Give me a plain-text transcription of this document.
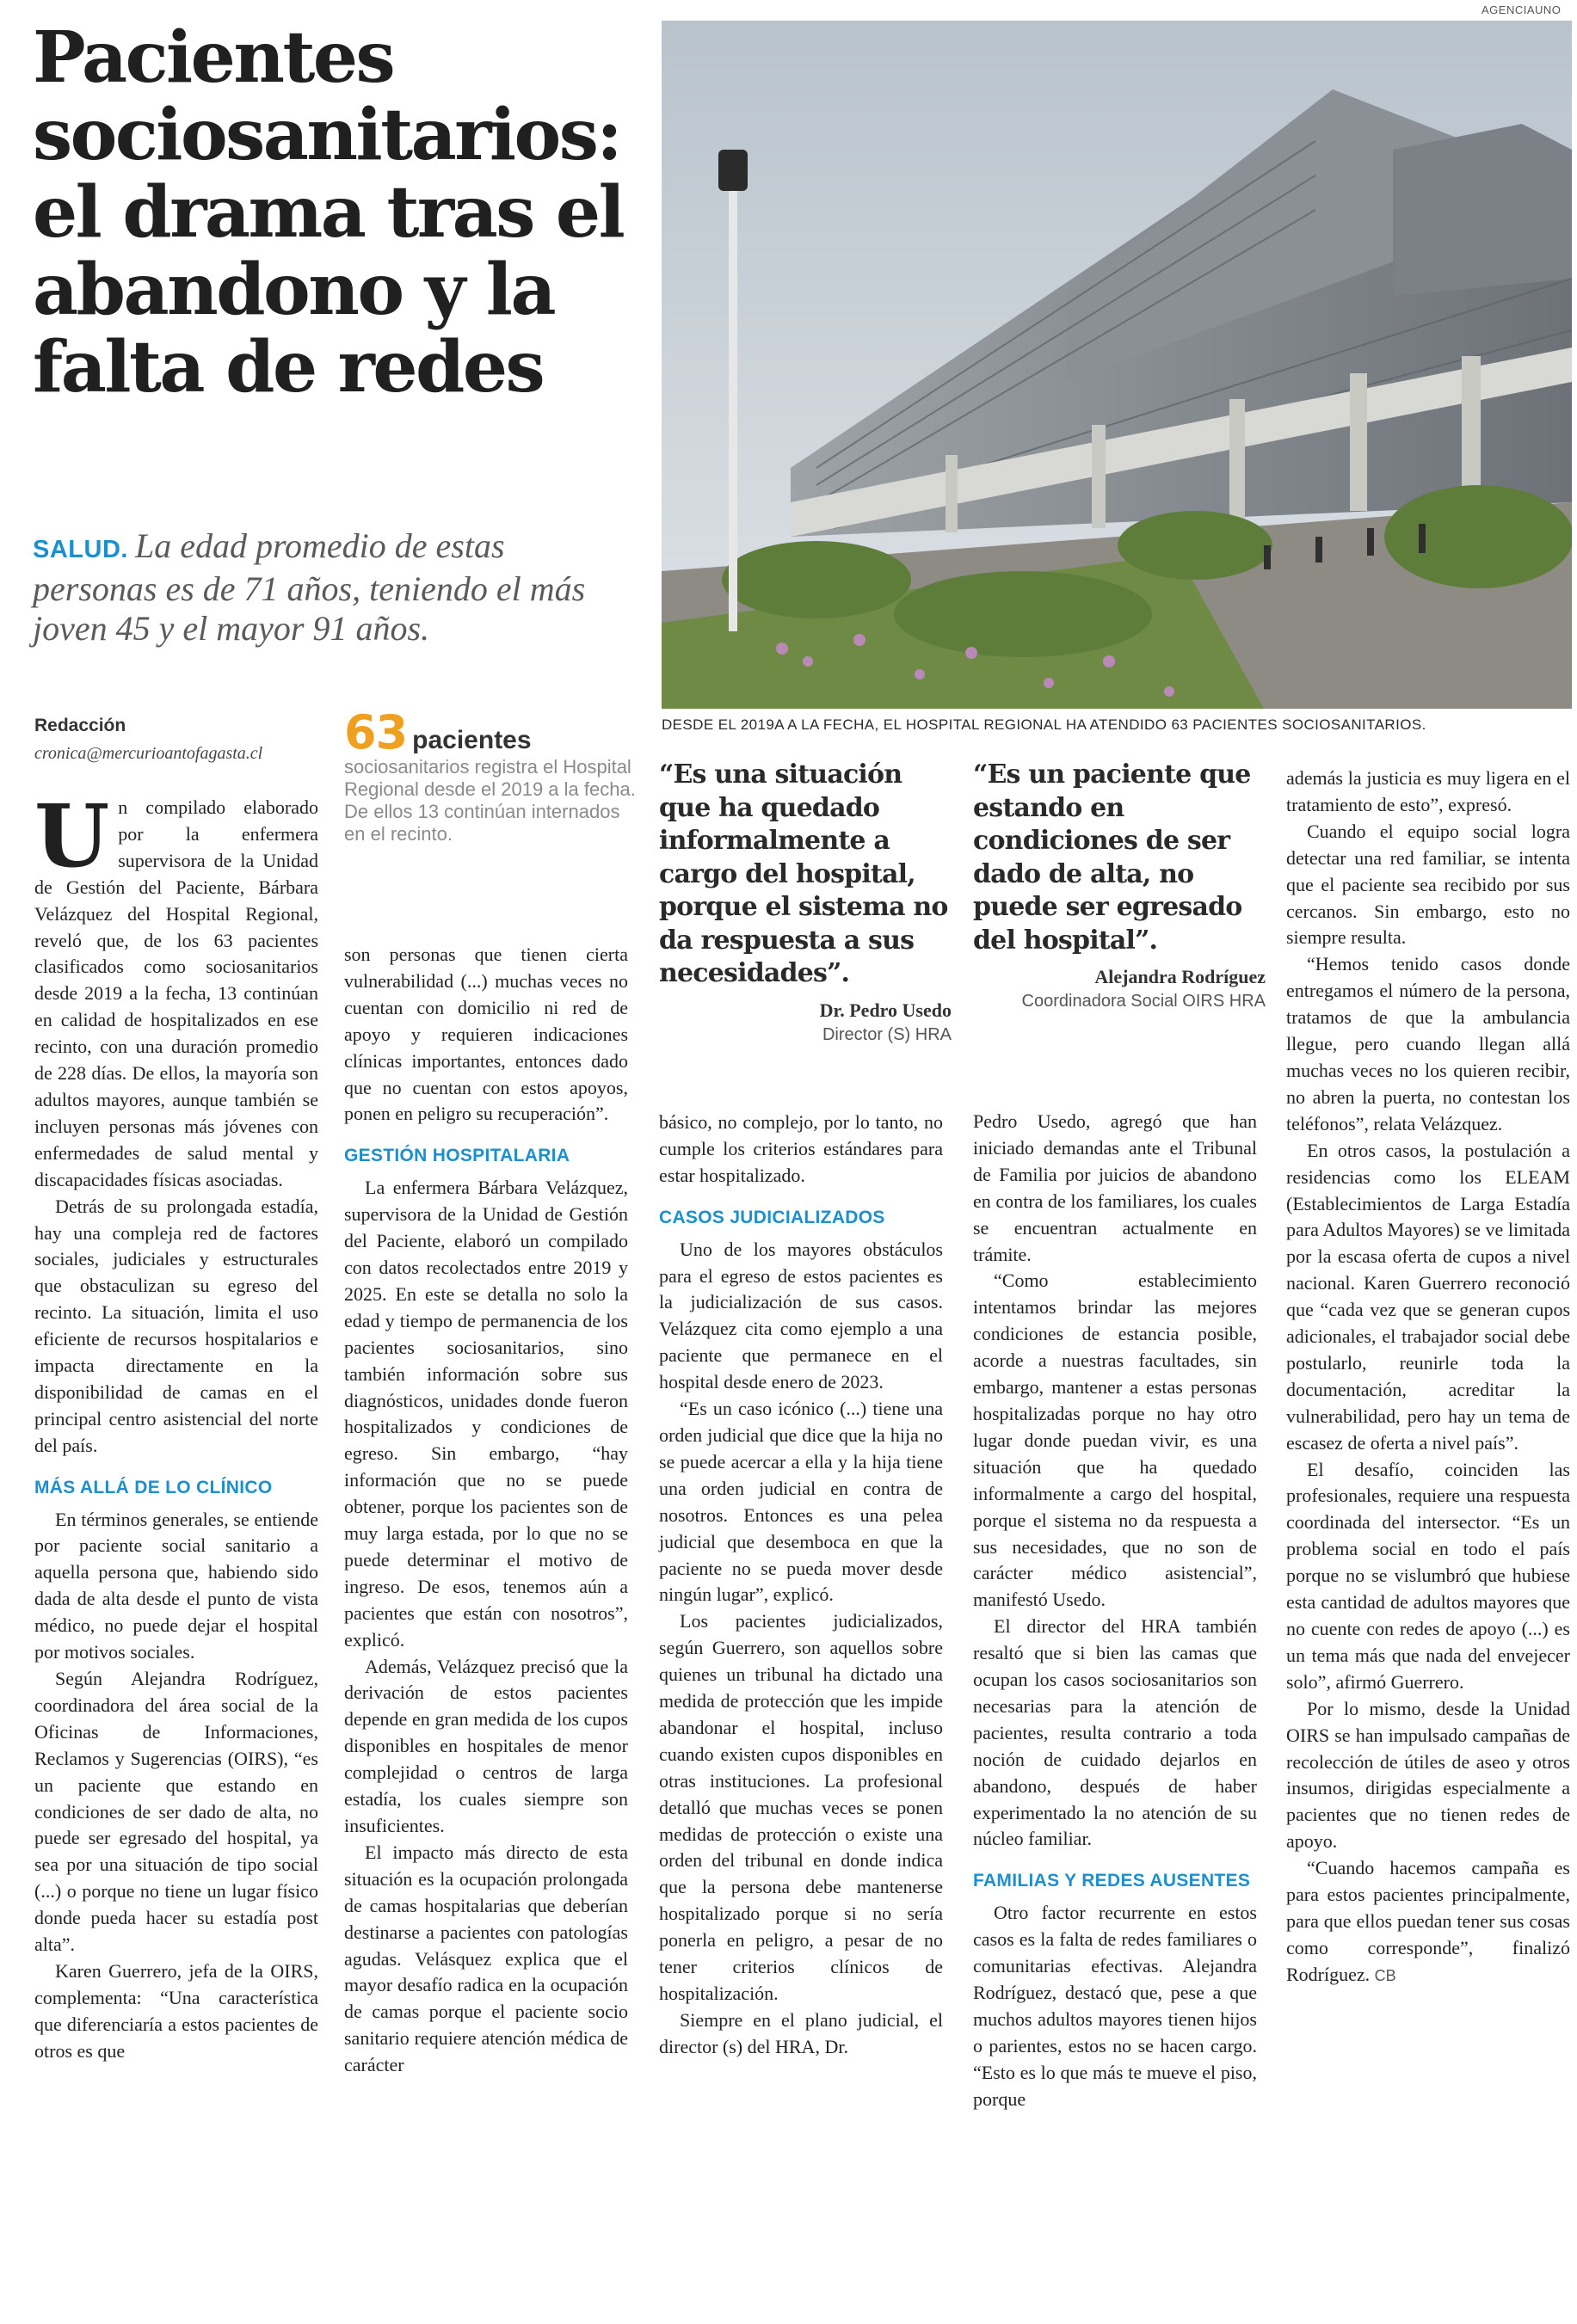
AGENCIAUNO
Pacientes sociosanitarios: el drama tras el abandono y la falta de redes

SALUD. La edad promedio de estas personas es de 71 años, teniendo el más joven 45 y el mayor 91 años.

DESDE EL 2019A A LA FECHA, EL HOSPITAL REGIONAL HA ATENDIDO 63 PACIENTES SOCIOSANITARIOS.
Redacción
cronica@mercurioantofagasta.cl	63 pacientes
sociosanitarios registra el Hospital Regional desde el 2019 a la fecha. De ellos 13 continúan internados en el recinto.
“Es una situación que ha quedado informalmente a cargo del hospital, porque el sistema no da respuesta a sus necesidades”.
Dr. Pedro Usedo
Director (S) HRA
“Es un paciente que estando en condiciones de ser dado de alta, no puede ser egresado del hospital”.
Alejandra Rodríguez
Coordinadora Social OIRS HRA

Un compilado elaborado por la enfermera supervisora de la Unidad de Gestión del Paciente, Bárbara Velázquez del Hospital Regional, reveló que, de los 63 pacientes clasificados como sociosanitarios desde 2019 a la fecha, 13 continúan en calidad de hospitalizados en ese recinto, con una duración promedio de 228 días. De ellos, la mayoría son adultos mayores, aunque también se incluyen personas más jóvenes con enfermedades de salud mental y discapacidades físicas asociadas.

Detrás de su prolongada estadía, hay una compleja red de factores sociales, judiciales y estructurales que obstaculizan su egreso del recinto. La situación, limita el uso eficiente de recursos hospitalarios e impacta directamente en la disponibilidad de camas en el principal centro asistencial del norte del país.

MÁS ALLÁ DE LO CLÍNICO

En términos generales, se entiende por paciente social sanitario a aquella persona que, habiendo sido dada de alta desde el punto de vista médico, no puede dejar el hospital por motivos sociales.

Según Alejandra Rodríguez, coordinadora del área social de la Oficinas de Informaciones, Reclamos y Sugerencias (OIRS), “es un paciente que estando en condiciones de ser dado de alta, no puede ser egresado del hospital, ya sea por una situación de tipo social (...) o porque no tiene un lugar físico donde pueda hacer su estadía post alta”.

Karen Guerrero, jefa de la OIRS, complementa: “Una característica que diferenciaría a estos pacientes de otros es que

son personas que tienen cierta vulnerabilidad (...) muchas veces no cuentan con domicilio ni red de apoyo y requieren indicaciones clínicas importantes, entonces dado que no cuentan con estos apoyos, ponen en peligro su recuperación”.

GESTIÓN HOSPITALARIA

La enfermera Bárbara Velázquez, supervisora de la Unidad de Gestión del Paciente, elaboró un compilado con datos recolectados entre 2019 y 2025. En este se detalla no solo la edad y tiempo de permanencia de los pacientes sociosanitarios, sino también información sobre sus diagnósticos, unidades donde fueron hospitalizados y condiciones de egreso. Sin embargo, “hay información que no se puede obtener, porque los pacientes son de muy larga estada, por lo que no se puede determinar el motivo de ingreso. De esos, tenemos aún a pacientes que están con nosotros”, explicó.

Además, Velázquez precisó que la derivación de estos pacientes depende en gran medida de los cupos disponibles en hospitales de menor complejidad o centros de larga estadía, los cuales siempre son insuficientes.

El impacto más directo de esta situación es la ocupación prolongada de camas hospitalarias que deberían destinarse a pacientes con patologías agudas. Velásquez explica que el mayor desafío radica en la ocupación de camas porque el paciente socio sanitario requiere atención médica de carácter

básico, no complejo, por lo tanto, no cumple los criterios estándares para estar hospitalizado.

CASOS JUDICIALIZADOS

Uno de los mayores obstáculos para el egreso de estos pacientes es la judicialización de sus casos. Velázquez cita como ejemplo a una paciente que permanece en el hospital desde enero de 2023.

“Es un caso icónico (...) tiene una orden judicial que dice que la hija no se puede acercar a ella y la hija tiene una orden judicial en contra de nosotros. Entonces es una pelea judicial que desemboca en que la paciente no se pueda mover desde ningún lugar”, explicó.

Los pacientes judicializados, según Guerrero, son aquellos sobre quienes un tribunal ha dictado una medida de protección que les impide abandonar el hospital, incluso cuando existen cupos disponibles en otras instituciones. La profesional detalló que muchas veces se ponen medidas de protección o existe una orden del tribunal en donde indica que la persona debe mantenerse hospitalizado porque si no sería ponerla en peligro, a pesar de no tener criterios clínicos de hospitalización.

Siempre en el plano judicial, el director (s) del HRA, Dr.

Pedro Usedo, agregó que han iniciado demandas ante el Tribunal de Familia por juicios de abandono en contra de los familiares, los cuales se encuentran actualmente en trámite.

“Como establecimiento intentamos brindar las mejores condiciones de estancia posible, acorde a nuestras facultades, sin embargo, mantener a estas personas hospitalizadas porque no hay otro lugar donde puedan vivir, es una situación que ha quedado informalmente a cargo del hospital, porque el sistema no da respuesta a sus necesidades, que no son de carácter médico asistencial”, manifestó Usedo.

El director del HRA también resaltó que si bien las camas que ocupan los casos sociosanitarios son necesarias para la atención de pacientes, resulta contrario a toda noción de cuidado dejarlos en abandono, después de haber experimentado la no atención de su núcleo familiar.

FAMILIAS Y REDES AUSENTES

Otro factor recurrente en estos casos es la falta de redes familiares o comunitarias efectivas. Alejandra Rodríguez, destacó que, pese a que muchos adultos mayores tienen hijos o parientes, estos no se hacen cargo. “Esto es lo que más te mueve el piso, porque

además la justicia es muy ligera en el tratamiento de esto”, expresó.

Cuando el equipo social logra detectar una red familiar, se intenta que el paciente sea recibido por sus cercanos. Sin embargo, esto no siempre resulta.

“Hemos tenido casos donde entregamos el número de la persona, tratamos de que la ambulancia llegue, pero cuando llegan allá muchas veces no los quieren recibir, no abren la puerta, no contestan los teléfonos”, relata Velázquez.

En otros casos, la postulación a residencias como los ELEAM (Establecimientos de Larga Estadía para Adultos Mayores) se ve limitada por la escasa oferta de cupos a nivel nacional. Karen Guerrero reconoció que “cada vez que se generan cupos adicionales, el trabajador social debe postularlo, reunirle toda la documentación, acreditar la vulnerabilidad, pero hay un tema de escasez de oferta a nivel país”.

El desafío, coinciden las profesionales, requiere una respuesta coordinada del intersector. “Es un problema social en todo el país porque no se vislumbró que hubiese esta cantidad de adultos mayores que no cuente con redes de apoyo (...) es un tema más que nada del envejecer solo”, afirmó Guerrero.

Por lo mismo, desde la Unidad OIRS se han impulsado campañas de recolección de útiles de aseo y otros insumos, dirigidas especialmente a pacientes que no tienen redes de apoyo.

“Cuando hacemos campaña es para estos pacientes principalmente, para que ellos puedan tener sus cosas como corresponde”, finalizó Rodríguez. CB
